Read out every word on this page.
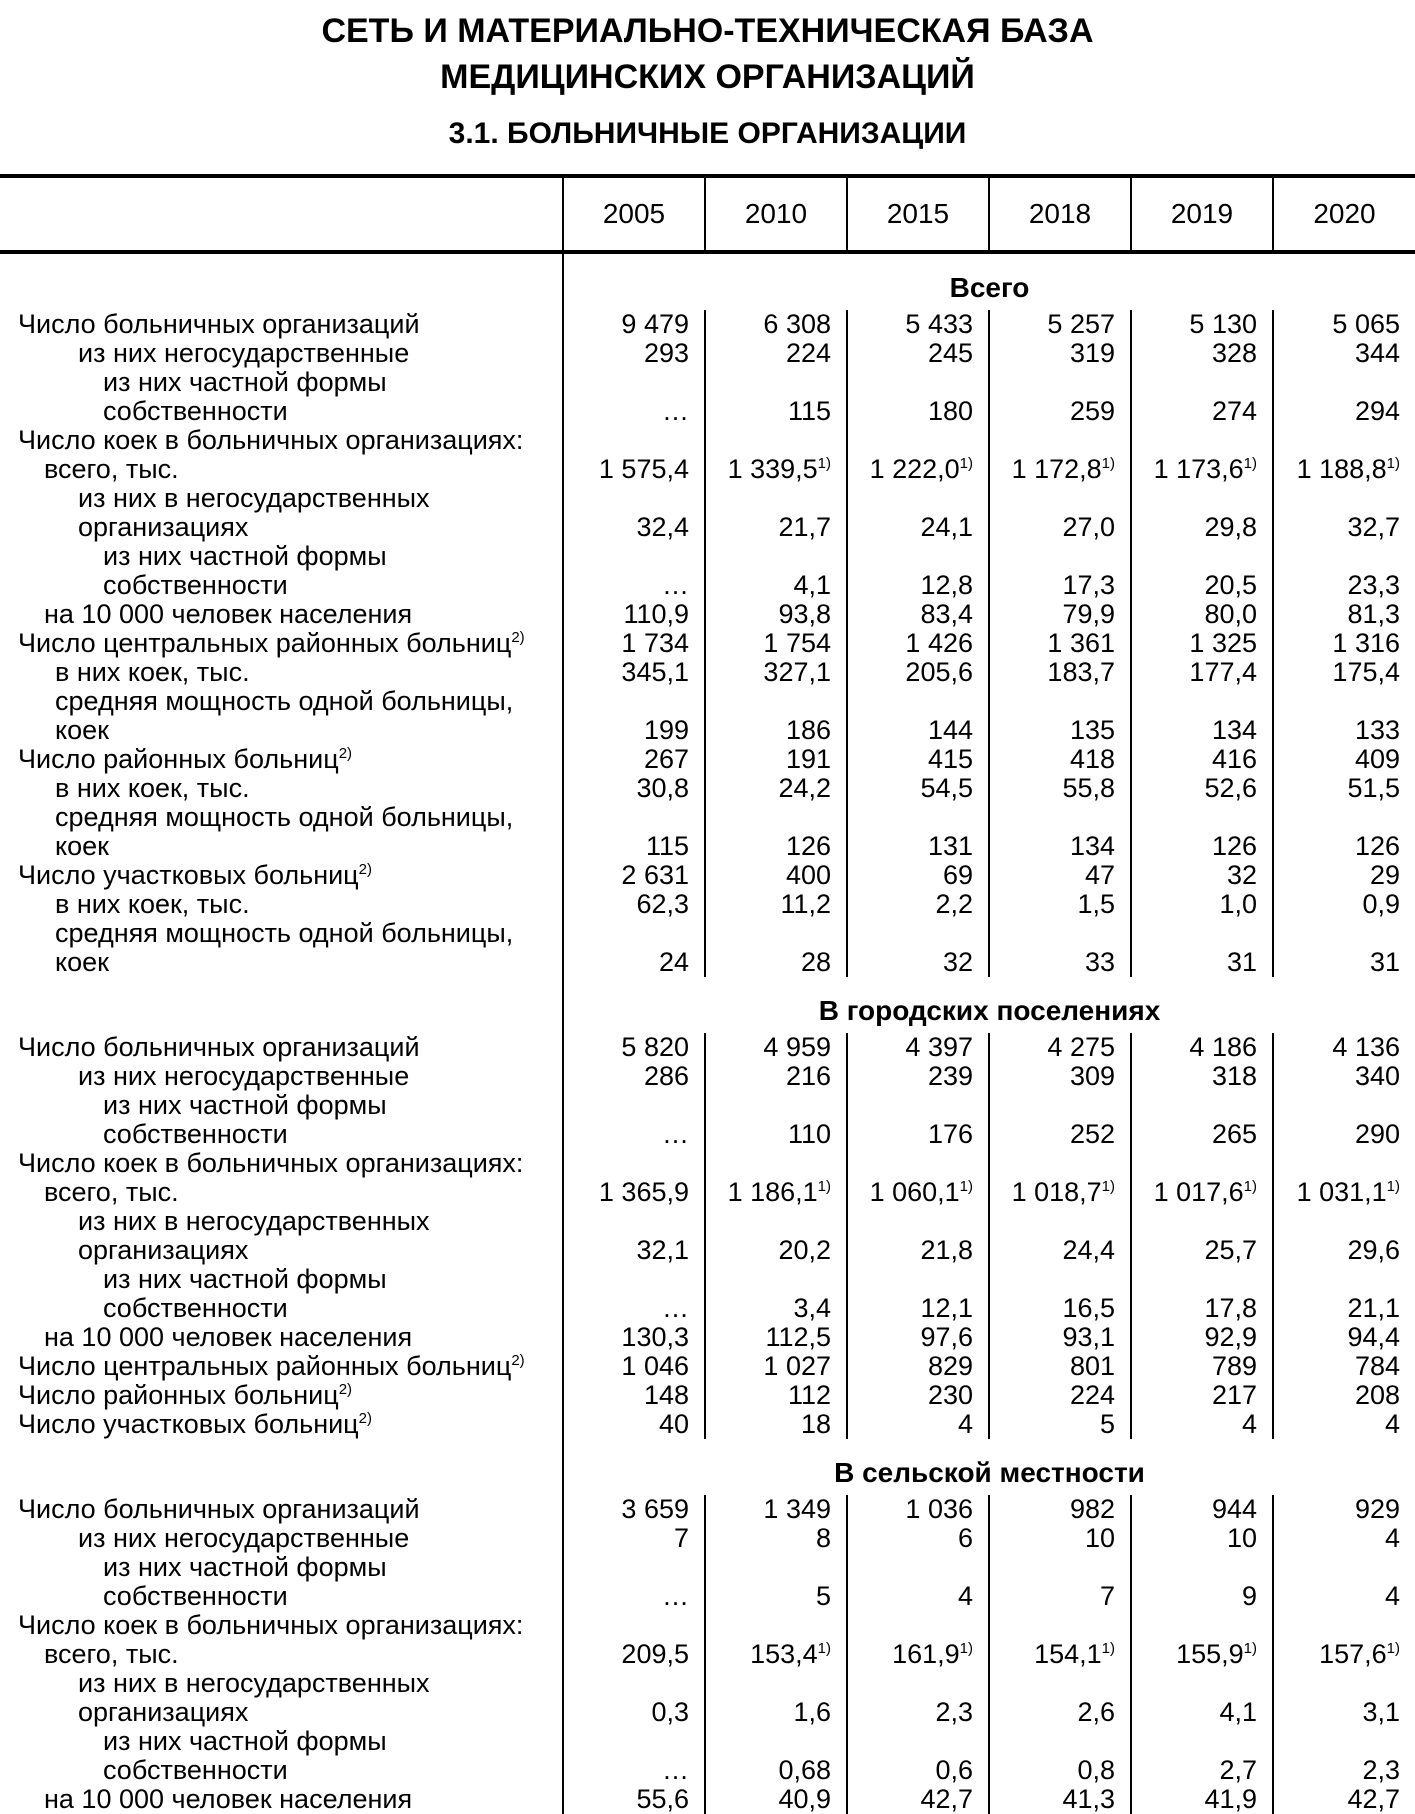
СЕТЬ И МАТЕРИАЛЬНО-ТЕХНИЧЕСКАЯ БАЗА
МЕДИЦИНСКИХ ОРГАНИЗАЦИЙ
3.1. БОЛЬНИЧНЫЕ ОРГАНИЗАЦИИ
	2005	2010	2015	2018	2019	2020
	Всего					

Число больничных организаций	9 479	6 308	5 433	5 257	5 130	5 065

из них негосударственные	293	224	245	319	328	344

из них частной формы
собственности	…	115	180	259	274	294

Число коек в больничных организациях:
всего, тыс.	1 575,4	1 339,5$^{1)}$	1 222,0$^{1)}$	1 172,8$^{1)}$	1 173,6$^{1)}$	1 188,8$^{1)}$

из них в негосударственных
организациях	32,4	21,7	24,1	27,0	29,8	32,7

из них частной формы
собственности	…	4,1	12,8	17,3	20,5	23,3

на 10 000 человек населения	110,9	93,8	83,4	79,9	80,0	81,3

Число центральных районных больниц$^{2)}$	1 734	1 754	1 426	1 361	1 325	1 316

в них коек, тыс.	345,1	327,1	205,6	183,7	177,4	175,4

средняя мощность одной больницы,
коек	199	186	144	135	134	133

Число районных больниц$^{2)}$	267	191	415	418	416	409

в них коек, тыс.	30,8	24,2	54,5	55,8	52,6	51,5

средняя мощность одной больницы,
коек	115	126	131	134	126	126

Число участковых больниц$^{2)}$	2 631	400	69	47	32	29

в них коек, тыс.	62,3	11,2	2,2	1,5	1,0	0,9

средняя мощность одной больницы,
коек	24	28	32	33	31	31
	В городских поселениях					

Число больничных организаций	5 820	4 959	4 397	4 275	4 186	4 136

из них негосударственные	286	216	239	309	318	340

из них частной формы
собственности	…	110	176	252	265	290

Число коек в больничных организациях:
всего, тыс.	1 365,9	1 186,1$^{1)}$	1 060,1$^{1)}$	1 018,7$^{1)}$	1 017,6$^{1)}$	1 031,1$^{1)}$

из них в негосударственных
организациях	32,1	20,2	21,8	24,4	25,7	29,6

из них частной формы
собственности	…	3,4	12,1	16,5	17,8	21,1

на 10 000 человек населения	130,3	112,5	97,6	93,1	92,9	94,4

Число центральных районных больниц$^{2)}$	1 046	1 027	829	801	789	784

Число районных больниц$^{2)}$	148	112	230	224	217	208

Число участковых больниц$^{2)}$	40	18	4	5	4	4
	В сельской местности					

Число больничных организаций	3 659	1 349	1 036	982	944	929

из них негосударственные	7	8	6	10	10	4

из них частной формы
собственности	…	5	4	7	9	4

Число коек в больничных организациях:
всего, тыс.	209,5	153,4$^{1)}$	161,9$^{1)}$	154,1$^{1)}$	155,9$^{1)}$	157,6$^{1)}$

из них в негосударственных
организациях	0,3	1,6	2,3	2,6	4,1	3,1

из них частной формы
собственности	…	0,68	0,6	0,8	2,7	2,3

на 10 000 человек населения	55,6	40,9	42,7	41,3	41,9	42,7
